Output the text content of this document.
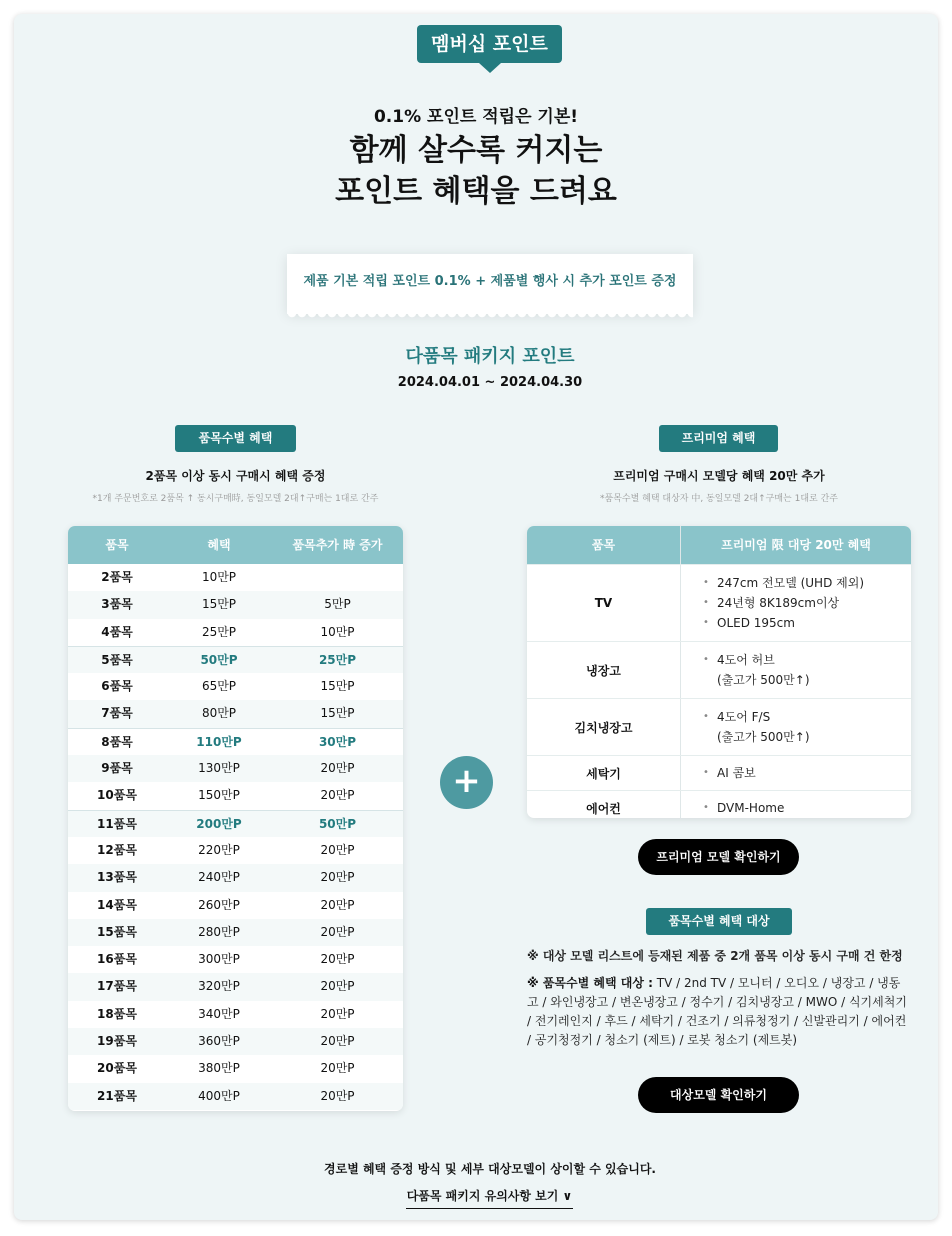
멤버십 포인트
0.1% 포인트 적립은 기본!
함께 살수록 커지는
포인트 혜택을 드려요
제품 기본 적립 포인트 0.1% + 제품별 행사 시 추가 포인트 증정
다품목 패키지 포인트
2024.04.01 ~ 2024.04.30
품목수별 혜택
2품목 이상 동시 구매시 혜택 증정
*1개 주문번호로 2품목 ↑ 동시구매時, 동일모델 2대↑구매는 1대로 간주
품목	혜택	품목추가 時 증가
2품목	10만P
3품목	15만P	5만P
4품목	25만P	10만P
5품목	50만P	25만P
6품목	65만P	15만P
7품목	80만P	15만P
8품목	110만P	30만P
9품목	130만P	20만P
10품목	150만P	20만P
11품목	200만P	50만P
12품목	220만P	20만P
13품목	240만P	20만P
14품목	260만P	20만P
15품목	280만P	20만P
16품목	300만P	20만P
17품목	320만P	20만P
18품목	340만P	20만P
19품목	360만P	20만P
20품목	380만P	20만P
21품목	400만P	20만P
+
프리미엄 혜택
프리미엄 구매시 모델당 혜택 20만 추가
*품목수별 혜택 대상자 中, 동일모델 2대↑구매는 1대로 간주
품목	프리미엄 限 대당 20만 혜택
TV
• 247cm 전모델 (UHD 제외)
• 24년형 8K189cm이상
• OLED 195cm
냉장고
• 4도어 허브
(출고가 500만↑)
김치냉장고
• 4도어 F/S
(출고가 500만↑)
세탁기	• AI 콤보
에어컨	• DVM-Home
프리미엄 모델 확인하기
품목수별 혜택 대상
※ 대상 모델 리스트에 등재된 제품 중 2개 품목 이상 동시 구매 건 한정
※ 품목수별 혜택 대상 : TV / 2nd TV / 모니터 / 오디오 / 냉장고 / 냉동고 / 와인냉장고 / 변온냉장고 / 정수기 / 김치냉장고 / MWO / 식기세척기 / 전기레인지 / 후드 / 세탁기 / 건조기 / 의류청정기 / 신발관리기 / 에어컨 / 공기청정기 / 청소기 (제트) / 로봇 청소기 (제트봇)
대상모델 확인하기
경로별 혜택 증정 방식 및 세부 대상모델이 상이할 수 있습니다.
다품목 패키지 유의사항 보기 ∨
